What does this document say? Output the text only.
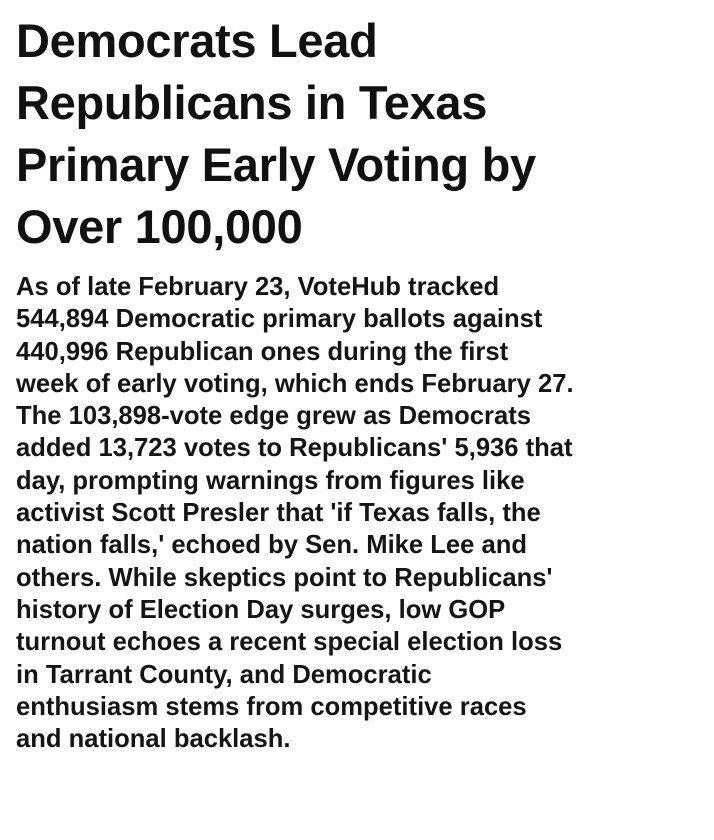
Democrats Lead
Republicans in Texas
Primary Early Voting by
Over 100,000

As of late February 23, VoteHub tracked
544,894 Democratic primary ballots against
440,996 Republican ones during the first
week of early voting, which ends February 27.
The 103,898-vote edge grew as Democrats
added 13,723 votes to Republicans' 5,936 that
day, prompting warnings from figures like
activist Scott Presler that 'if Texas falls, the
nation falls,' echoed by Sen. Mike Lee and
others. While skeptics point to Republicans'
history of Election Day surges, low GOP
turnout echoes a recent special election loss
in Tarrant County, and Democratic
enthusiasm stems from competitive races
and national backlash.
